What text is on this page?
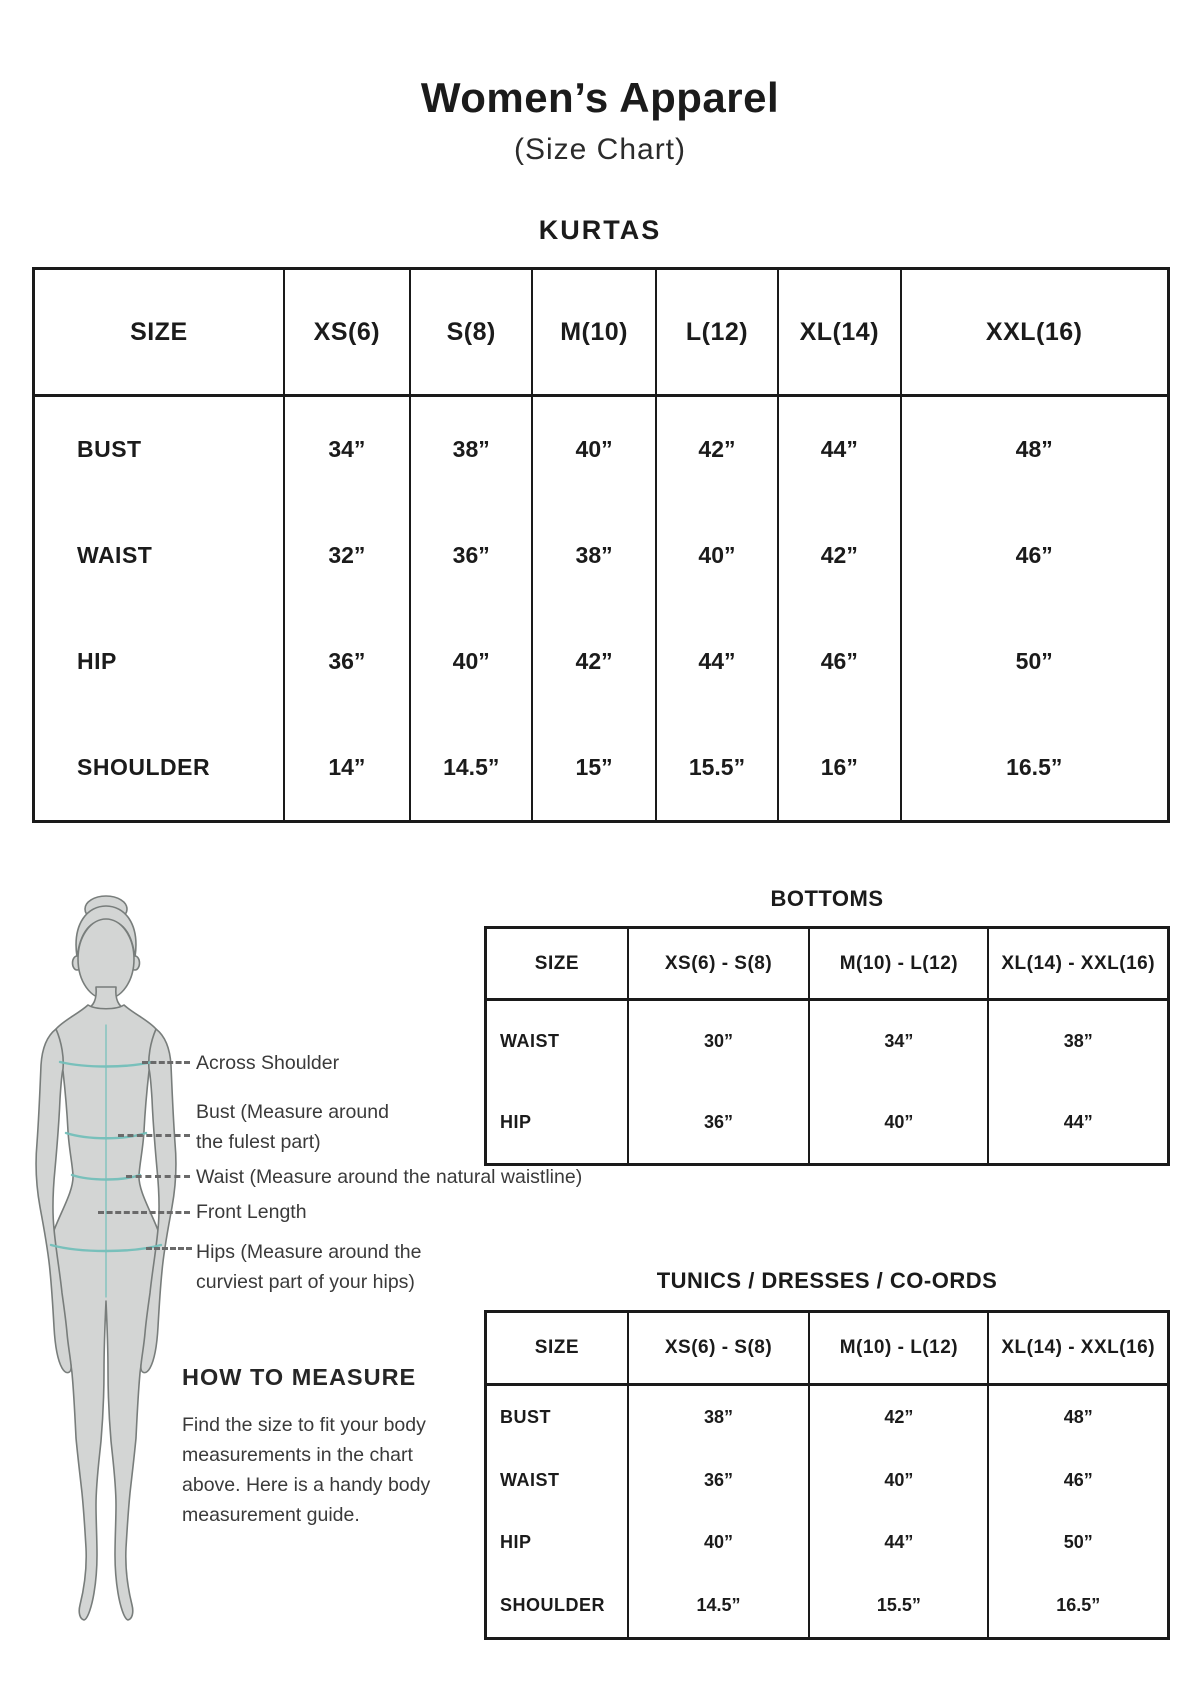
Women’s Apparel
(Size Chart)
KURTAS
SIZE
BUST
WAIST
HIP
SHOULDER
XS(6)
34”
32”
36”
14”
S(8)
38”
36”
40”
14.5”
M(10)
40”
38”
42”
15”
L(12)
42”
40”
44”
15.5”
XL(14)
44”
42”
46”
16”
XXL(16)
48”
46”
50”
16.5”
Across Shoulder
Bust (Measure around the fulest part)
Waist (Measure around the natural waistline)
Front Length
Hips (Measure around the curviest part of your hips)
HOW TO MEASURE
Find the size to fit your body measurements in the chart above. Here is a handy body measurement guide.
BOTTOMS
SIZE
WAIST
HIP
XS(6) - S(8)
30”
36”
M(10) - L(12)
34”
40”
XL(14) - XXL(16)
38”
44”
TUNICS / DRESSES / CO-ORDS
SIZE
BUST
WAIST
HIP
SHOULDER
XS(6) - S(8)
38”
36”
40”
14.5”
M(10) - L(12)
42”
40”
44”
15.5”
XL(14) - XXL(16)
48”
46”
50”
16.5”
